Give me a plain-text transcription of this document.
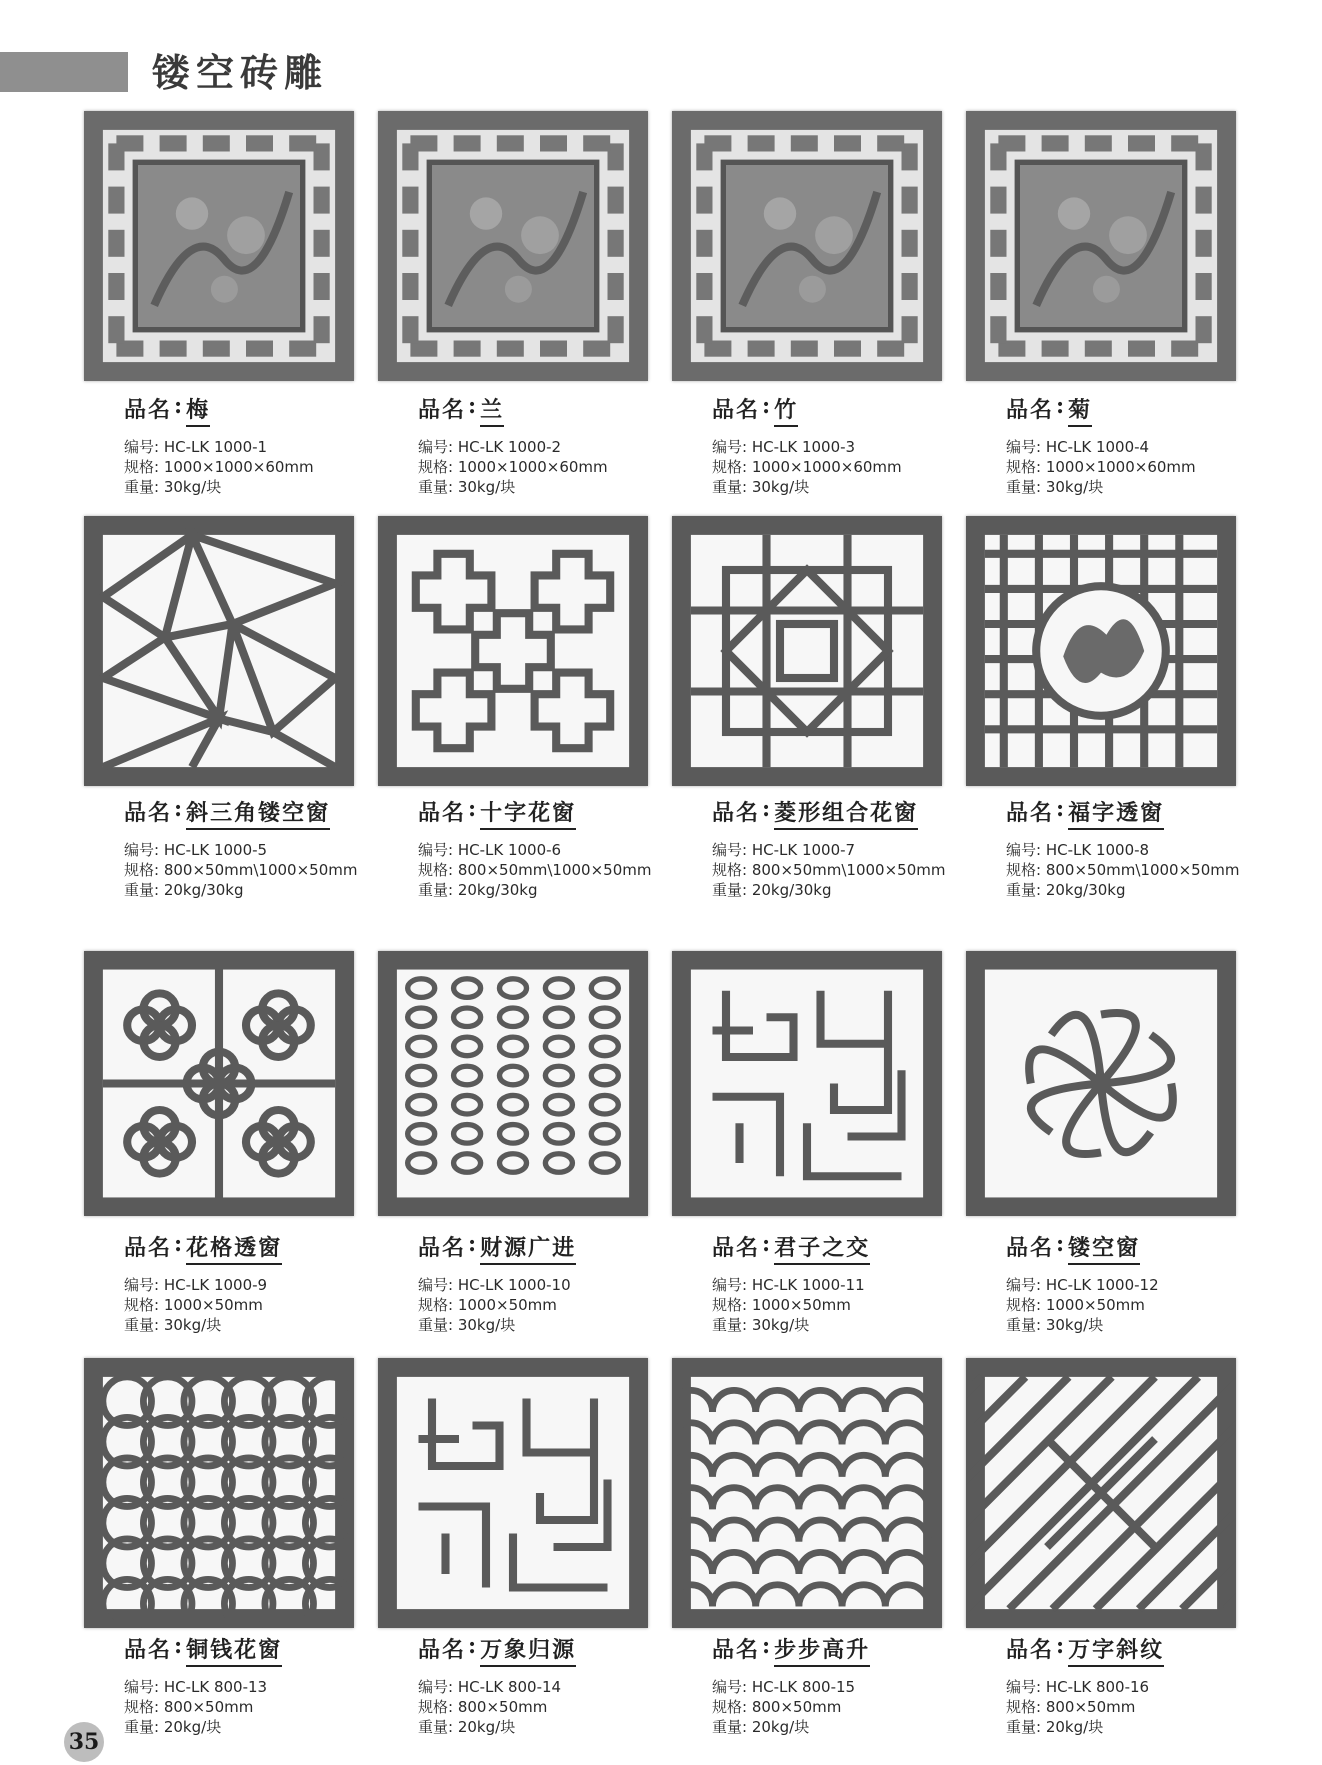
镂空砖雕
品名 : 梅
编号: HC-LK 1000-1
规格: 1000×1000×60mm
重量: 30kg/块
品名 : 兰
编号: HC-LK 1000-2
规格: 1000×1000×60mm
重量: 30kg/块
品名 : 竹
编号: HC-LK 1000-3
规格: 1000×1000×60mm
重量: 30kg/块
品名 : 菊
编号: HC-LK 1000-4
规格: 1000×1000×60mm
重量: 30kg/块
品名 : 斜三角镂空窗
编号: HC-LK 1000-5
规格: 800×50mm\1000×50mm
重量: 20kg/30kg
品名 : 十字花窗
编号: HC-LK 1000-6
规格: 800×50mm\1000×50mm
重量: 20kg/30kg
品名 : 菱形组合花窗
编号: HC-LK 1000-7
规格: 800×50mm\1000×50mm
重量: 20kg/30kg
品名 : 福字透窗
编号: HC-LK 1000-8
规格: 800×50mm\1000×50mm
重量: 20kg/30kg
品名 : 花格透窗
编号: HC-LK 1000-9
规格: 1000×50mm
重量: 30kg/块
品名 : 财源广进
编号: HC-LK 1000-10
规格: 1000×50mm
重量: 30kg/块
品名 : 君子之交
编号: HC-LK 1000-11
规格: 1000×50mm
重量: 30kg/块
品名 : 镂空窗
编号: HC-LK 1000-12
规格: 1000×50mm
重量: 30kg/块
品名 : 铜钱花窗
编号: HC-LK 800-13
规格: 800×50mm
重量: 20kg/块
品名 : 万象归源
编号: HC-LK 800-14
规格: 800×50mm
重量: 20kg/块
品名 : 步步高升
编号: HC-LK 800-15
规格: 800×50mm
重量: 20kg/块
品名 : 万字斜纹
编号: HC-LK 800-16
规格: 800×50mm
重量: 20kg/块
35
